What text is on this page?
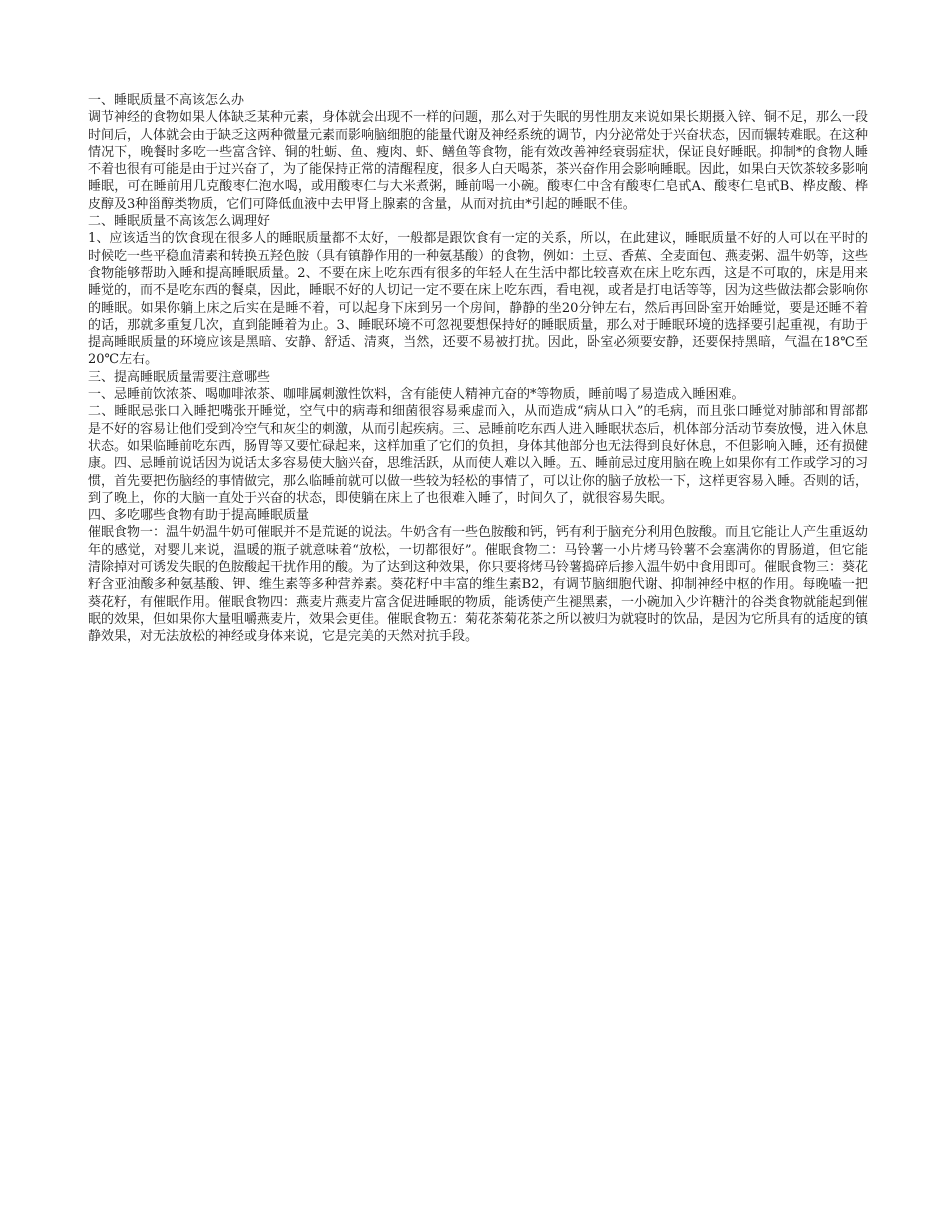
一、睡眠质量不高该怎么办

调节神经的食物如果人体缺乏某种元素，身体就会出现不一样的问题，那么对于失眠的男性朋友来说如果长期摄入锌、铜不足，那么一段时间后，人体就会由于缺乏这两种微量元素而影响脑细胞的能量代谢及神经系统的调节，内分泌常处于兴奋状态，因而辗转难眠。在这种情况下，晚餐时多吃一些富含锌、铜的牡蛎、鱼、瘦肉、虾、鳝鱼等食物，能有效改善神经衰弱症状，保证良好睡眠。抑制*的食物人睡不着也很有可能是由于过兴奋了，为了能保持正常的清醒程度，很多人白天喝茶，茶兴奋作用会影响睡眠。因此，如果白天饮茶较多影响睡眠，可在睡前用几克酸枣仁泡水喝，或用酸枣仁与大米煮粥，睡前喝一小碗。酸枣仁中含有酸枣仁皂甙A、酸枣仁皂甙B、桦皮酸、桦皮醇及3种甾醇类物质，它们可降低血液中去甲肾上腺素的含量，从而对抗由*引起的睡眠不佳。

二、睡眠质量不高该怎么调理好

1、应该适当的饮食现在很多人的睡眠质量都不太好，一般都是跟饮食有一定的关系，所以，在此建议，睡眠质量不好的人可以在平时的时候吃一些平稳血清素和转换五羟色胺（具有镇静作用的一种氨基酸）的食物，例如：土豆、香蕉、全麦面包、燕麦粥、温牛奶等，这些食物能够帮助入睡和提高睡眠质量。2、不要在床上吃东西有很多的年轻人在生活中都比较喜欢在床上吃东西，这是不可取的，床是用来睡觉的，而不是吃东西的餐桌，因此，睡眠不好的人切记一定不要在床上吃东西，看电视，或者是打电话等等，因为这些做法都会影响你的睡眠。如果你躺上床之后实在是睡不着，可以起身下床到另一个房间，静静的坐20分钟左右，然后再回卧室开始睡觉，要是还睡不着的话，那就多重复几次，直到能睡着为止。3、睡眠环境不可忽视要想保持好的睡眠质量，那么对于睡眠环境的选择要引起重视，有助于提高睡眠质量的环境应该是黑暗、安静、舒适、清爽，当然，还要不易被打扰。因此，卧室必须要安静，还要保持黑暗，气温在18℃至20℃左右。

三、提高睡眠质量需要注意哪些

一、忌睡前饮浓茶、喝咖啡浓茶、咖啡属刺激性饮料，含有能使人精神亢奋的*等物质，睡前喝了易造成入睡困难。

二、睡眠忌张口入睡把嘴张开睡觉，空气中的病毒和细菌很容易乘虚而入，从而造成“病从口入”的毛病，而且张口睡觉对肺部和胃部都是不好的容易让他们受到冷空气和灰尘的刺激，从而引起疾病。三、忌睡前吃东西人进入睡眠状态后，机体部分活动节奏放慢，进入休息状态。如果临睡前吃东西，肠胃等又要忙碌起来，这样加重了它们的负担，身体其他部分也无法得到良好休息，不但影响入睡，还有损健康。四、忌睡前说话因为说话太多容易使大脑兴奋，思维活跃，从而使人难以入睡。五、睡前忌过度用脑在晚上如果你有工作或学习的习惯，首先要把伤脑经的事情做完，那么临睡前就可以做一些较为轻松的事情了，可以让你的脑子放松一下，这样更容易入睡。否则的话，到了晚上，你的大脑一直处于兴奋的状态，即使躺在床上了也很难入睡了，时间久了，就很容易失眠。

四、多吃哪些食物有助于提高睡眠质量

催眠食物一：温牛奶温牛奶可催眠并不是荒诞的说法。牛奶含有一些色胺酸和钙，钙有利于脑充分利用色胺酸。而且它能让人产生重返幼年的感觉，对婴儿来说，温暖的瓶子就意味着“放松，一切都很好”。催眠食物二：马铃薯一小片烤马铃薯不会塞满你的胃肠道，但它能清除掉对可诱发失眠的色胺酸起干扰作用的酸。为了达到这种效果，你只要将烤马铃薯捣碎后掺入温牛奶中食用即可。催眠食物三：葵花籽含亚油酸多种氨基酸、钾、维生素等多种营养素。葵花籽中丰富的维生素B2，有调节脑细胞代谢、抑制神经中枢的作用。每晚嗑一把葵花籽，有催眠作用。催眠食物四：燕麦片燕麦片富含促进睡眠的物质，能诱使产生褪黑素，一小碗加入少许糖汁的谷类食物就能起到催眠的效果，但如果你大量咀嚼燕麦片，效果会更佳。催眠食物五：菊花茶菊花茶之所以被归为就寝时的饮品，是因为它所具有的适度的镇静效果，对无法放松的神经或身体来说，它是完美的天然对抗手段。
